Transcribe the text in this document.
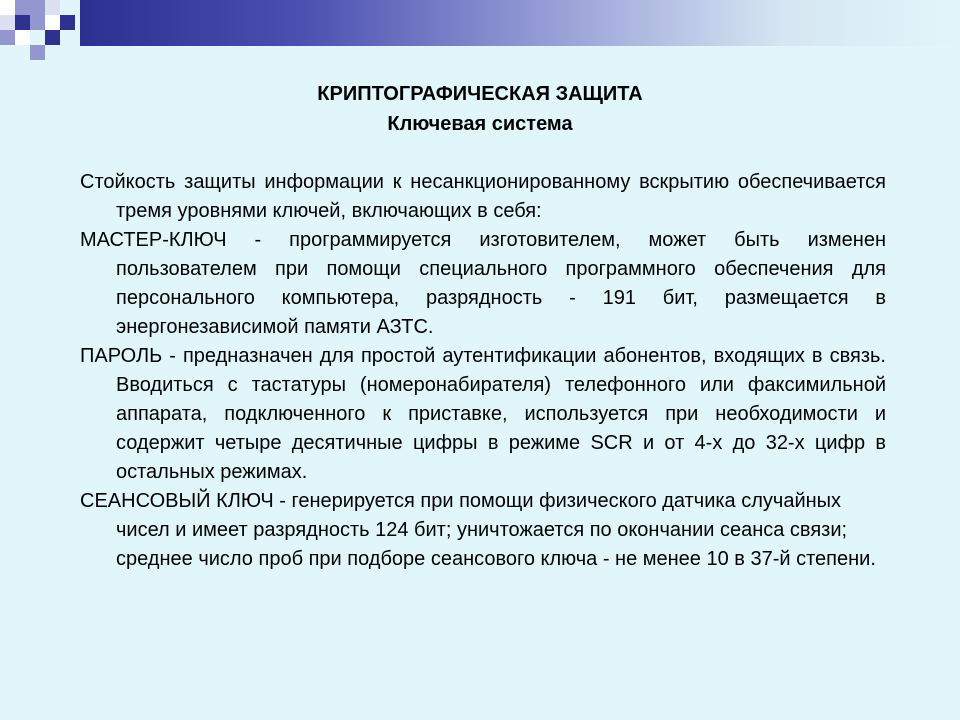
КРИПТОГРАФИЧЕСКАЯ ЗАЩИТА
Ключевая система

Стойкость защиты информации к несанкционированному вскрытию обеспечивается тремя уровнями ключей, включающих в себя:

МАСТЕР-КЛЮЧ - программируется изготовителем, может быть изменен пользователем при помощи специального программного обеспечения для персонального компьютера, разрядность - 191 бит, размещается в энергонезависимой памяти АЗТС.

ПАРОЛЬ - предназначен для простой аутентификации абонентов, входящих в связь. Вводиться с тастатуры (номеронабирателя) телефонного или факсимильной аппарата, подключенного к приставке, используется при необходимости и содержит четыре десятичные цифры в режиме SCR и от 4-х до 32-х цифр в остальных режимах.

СЕАНСОВЫЙ КЛЮЧ - генерируется при помощи физического датчика случайных чисел и имеет разрядность 124 бит; уничтожается по окончании сеанса связи; среднее число проб при подборе сеансового ключа - не менее 10 в 37-й степени.
